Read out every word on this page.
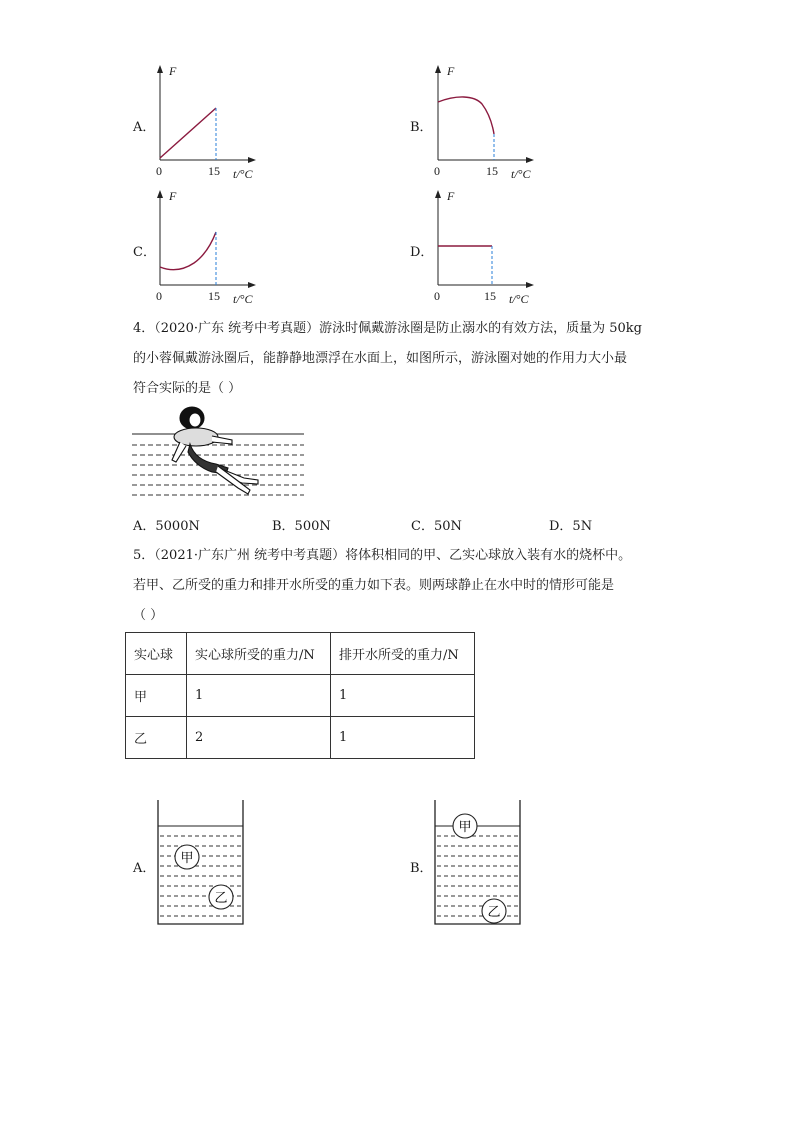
A．
F
0	15 t/°C
B．
F
0	15 t/°C
C．
F
0	15 t/°C
D．
F
0	15 t/°C
4．（2020·广东 统考中考真题）游泳时佩戴游泳圈是防止溺水的有效方法，质量为 50kg
的小蓉佩戴游泳圈后，能静静地漂浮在水面上，如图所示，游泳圈对她的作用力大小最
符合实际的是（ ）
A．5000N	B．500N	C．50N	D．5N
5．（2021·广东广州 统考中考真题）将体积相同的甲、乙实心球放入装有水的烧杯中。
若甲、乙所受的重力和排开水所受的重力如下表。则两球静止在水中时的情形可能是
（ ）
实心球	实心球所受的重力/N	排开水所受的重力/N
甲	1	1
乙	2	1
A．
甲
乙
B．
甲
乙
